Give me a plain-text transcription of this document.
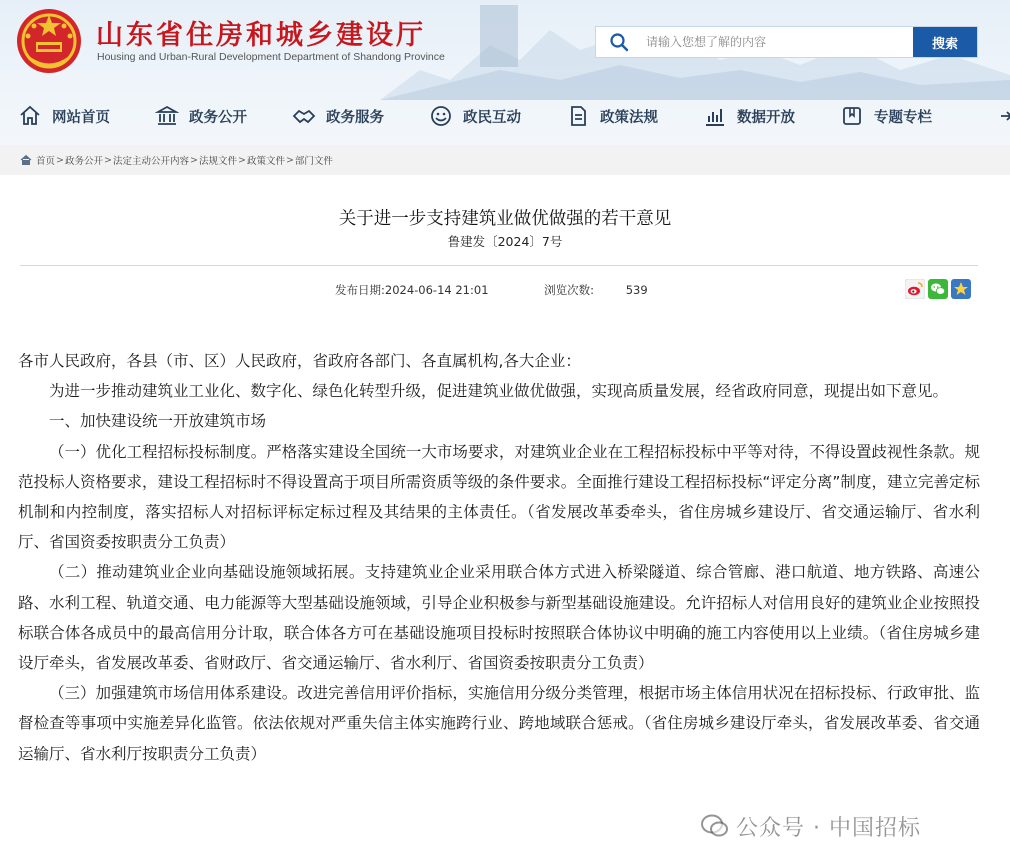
山东省住房和城乡建设厅
Housing and Urban-Rural Development Department of Shandong Province
请输入您想了解的内容
搜索
网站首页	政务公开	政务服务	政民互动	政策法规	数据开放	专题专栏
首页 > 政务公开 > 法定主动公开内容 > 法规文件 > 政策文件 > 部门文件
关于进一步支持建筑业做优做强的若干意见
鲁建发〔2024〕7号
发布日期:2024-06-14 21:01	浏览次数:	539

各市人民政府，各县（市、区）人民政府，省政府各部门、各直属机构,各大企业：

为进一步推动建筑业工业化、数字化、绿色化转型升级，促进建筑业做优做强，实现高质量发展，经省政府同意，现提出如下意见。

一、加快建设统一开放建筑市场

（一）优化工程招标投标制度。严格落实建设全国统一大市场要求，对建筑业企业在工程招标投标中平等对待，不得设置歧视性条款。规范投标人资格要求，建设工程招标时不得设置高于项目所需资质等级的条件要求。全面推行建设工程招标投标“评定分离”制度，建立完善定标机制和内控制度，落实招标人对招标评标定标过程及其结果的主体责任。（省发展改革委牵头，省住房城乡建设厅、省交通运输厅、省水利厅、省国资委按职责分工负责）

（二）推动建筑业企业向基础设施领域拓展。支持建筑业企业采用联合体方式进入桥梁隧道、综合管廊、港口航道、地方铁路、高速公路、水利工程、轨道交通、电力能源等大型基础设施领域，引导企业积极参与新型基础设施建设。允许招标人对信用良好的建筑业企业按照投标联合体各成员中的最高信用分计取，联合体各方可在基础设施项目投标时按照联合体协议中明确的施工内容使用以上业绩。（省住房城乡建设厅牵头，省发展改革委、省财政厅、省交通运输厅、省水利厅、省国资委按职责分工负责）

（三）加强建筑市场信用体系建设。改进完善信用评价指标，实施信用分级分类管理，根据市场主体信用状况在招标投标、行政审批、监督检查等事项中实施差异化监管。依法依规对严重失信主体实施跨行业、跨地域联合惩戒。（省住房城乡建设厅牵头，省发展改革委、省交通运输厅、省水利厅按职责分工负责）

公众号 · 中国招标
